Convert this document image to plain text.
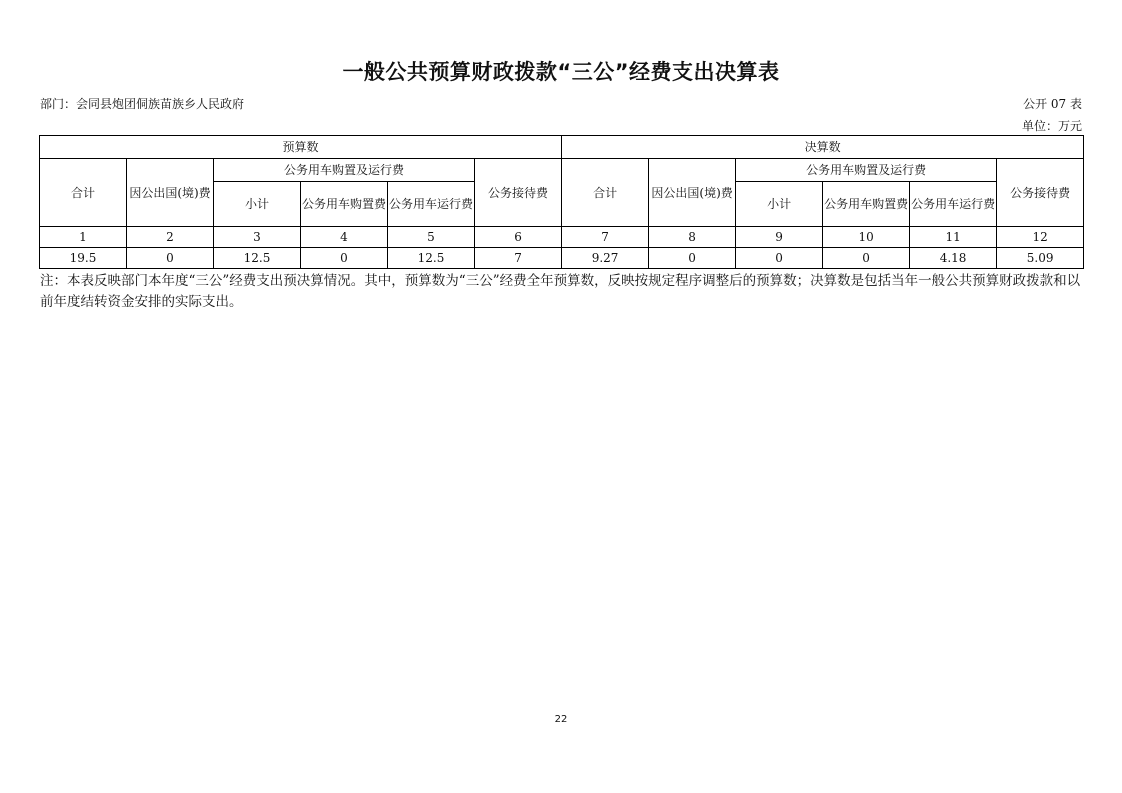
一般公共预算财政拨款“三公”经费支出决算表
部门：会同县炮团侗族苗族乡人民政府	公开 07 表
单位：万元
预算数						决算数					
合计	因公出国(境)费	公务用车购置及运行费			公务接待费	合计	因公出国(境)费	公务用车购置及运行费			公务接待费
		小计	公务用车购置费	公务用车运行费				小计	公务用车购置费	公务用车运行费	
1	2	3	4	5	6	7	8	9	10	11	12
19.5	0	12.5	0	12.5	7	9.27	0	0	0	4.18	5.09
注：本表反映部门本年度“三公”经费支出预决算情况。其中，预算数为“三公”经费全年预算数，反映按规定程序调整后的预算数；决算数是包括当年一般公共预算财政拨款和以前年度结转资金安排的实际支出。
22
